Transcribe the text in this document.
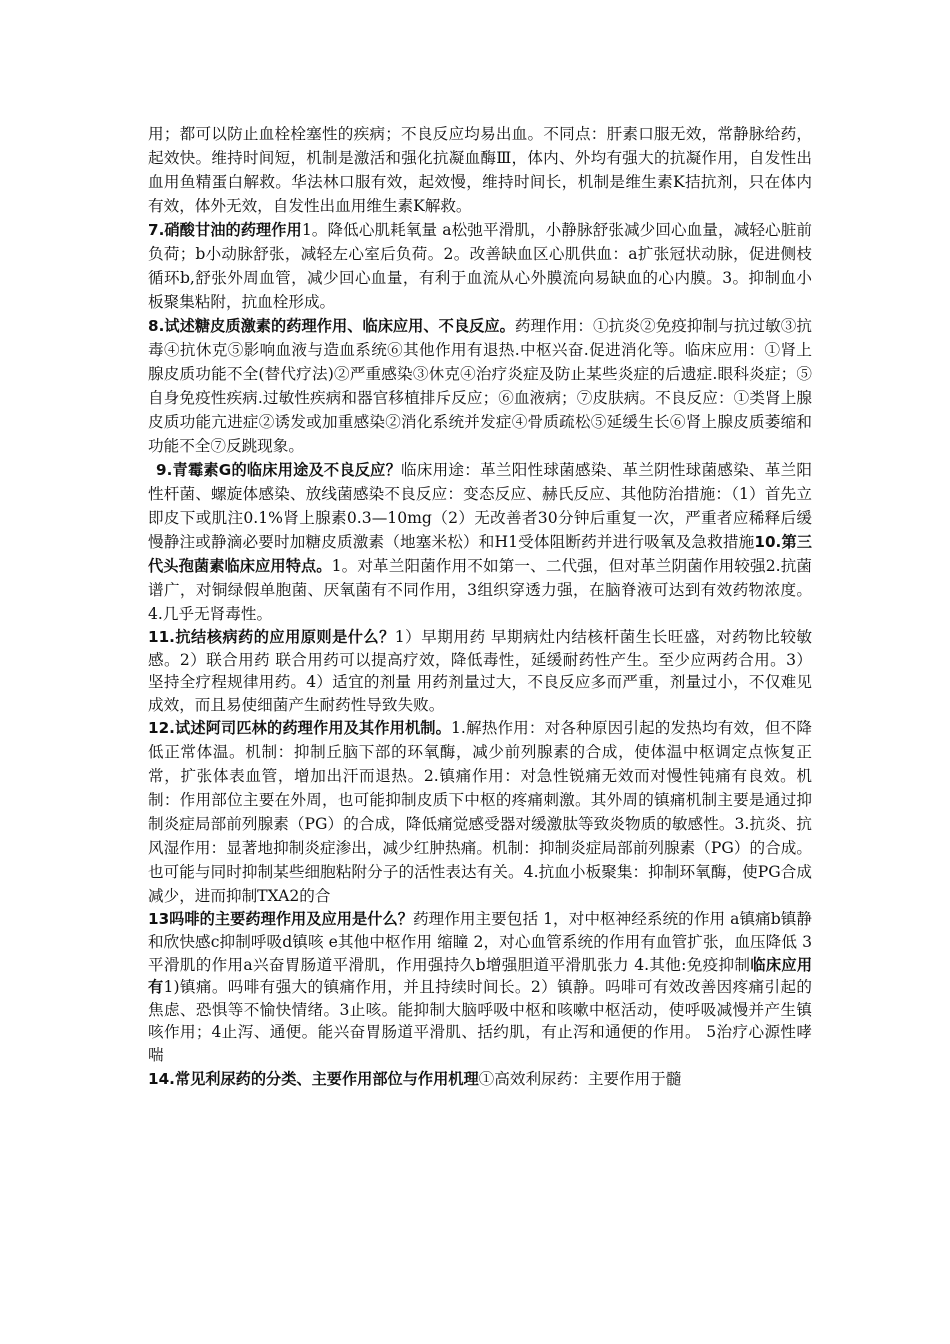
用；都可以防止血栓栓塞性的疾病；不良反应均易出血。不同点：肝素口服无效，常静脉给药，起效快。维持时间短，机制是激活和强化抗凝血酶Ⅲ，体内、外均有强大的抗凝作用，自发性出血用鱼精蛋白解救。华法林口服有效，起效慢，维持时间长，机制是维生素K拮抗剂，只在体内有效，体外无效，自发性出血用维生素K解救。

7.硝酸甘油的药理作用1。降低心肌耗氧量 a松弛平滑肌，小静脉舒张减少回心血量，减轻心脏前负荷；b小动脉舒张，减轻左心室后负荷。2。改善缺血区心肌供血：a扩张冠状动脉，促进侧枝循环b,舒张外周血管，减少回心血量，有利于血流从心外膜流向易缺血的心内膜。3。抑制血小板聚集粘附，抗血栓形成。

8.试述糖皮质激素的药理作用、临床应用、不良反应。药理作用：①抗炎②免疫抑制与抗过敏③抗毒④抗休克⑤影响血液与造血系统⑥其他作用有退热.中枢兴奋.促进消化等。临床应用：①肾上腺皮质功能不全(替代疗法)②严重感染③休克④治疗炎症及防止某些炎症的后遗症.眼科炎症；⑤自身免疫性疾病.过敏性疾病和器官移植排斥反应；⑥血液病；⑦皮肤病。不良反应：①类肾上腺皮质功能亢进症②诱发或加重感染②消化系统并发症④骨质疏松⑤延缓生长⑥肾上腺皮质萎缩和功能不全⑦反跳现象。

9.青霉素G的临床用途及不良反应？临床用途：革兰阳性球菌感染、革兰阴性球菌感染、革兰阳性杆菌、螺旋体感染、放线菌感染不良反应：变态反应、赫氏反应、其他防治措施：（1）首先立即皮下或肌注0.1%肾上腺素0.3—10mg（2）无改善者30分钟后重复一次，严重者应稀释后缓慢静注或静滴必要时加糖皮质激素（地塞米松）和H1受体阻断药并进行吸氧及急救措施10.第三代头孢菌素临床应用特点。1。对革兰阳菌作用不如第一、二代强，但对革兰阴菌作用较强2.抗菌谱广，对铜绿假单胞菌、厌氧菌有不同作用，3组织穿透力强，在脑脊液可达到有效药物浓度。4.几乎无肾毒性。

11.抗结核病药的应用原则是什么？1）早期用药 早期病灶内结核杆菌生长旺盛，对药物比较敏感。2）联合用药 联合用药可以提高疗效，降低毒性，延缓耐药性产生。至少应两药合用。3）坚持全疗程规律用药。4）适宜的剂量 用药剂量过大，不良反应多而严重，剂量过小，不仅难见成效，而且易使细菌产生耐药性导致失败。

12.试述阿司匹林的药理作用及其作用机制。1.解热作用：对各种原因引起的发热均有效，但不降低正常体温。机制：抑制丘脑下部的环氧酶，减少前列腺素的合成，使体温中枢调定点恢复正常，扩张体表血管，增加出汗而退热。2.镇痛作用：对急性锐痛无效而对慢性钝痛有良效。机制：作用部位主要在外周，也可能抑制皮质下中枢的疼痛刺激。其外周的镇痛机制主要是通过抑制炎症局部前列腺素（PG）的合成，降低痛觉感受器对缓激肽等致炎物质的敏感性。3.抗炎、抗风湿作用：显著地抑制炎症渗出，减少红肿热痛。机制：抑制炎症局部前列腺素（PG）的合成。也可能与同时抑制某些细胞粘附分子的活性表达有关。4.抗血小板聚集：抑制环氧酶，使PG合成减少，进而抑制TXA2的合

13吗啡的主要药理作用及应用是什么？药理作用主要包括 1，对中枢神经系统的作用 a镇痛b镇静和欣快感c抑制呼吸d镇咳 e其他中枢作用 缩瞳 2，对心血管系统的作用有血管扩张，血压降低 3平滑肌的作用a兴奋胃肠道平滑肌，作用强持久b增强胆道平滑肌张力 4.其他:免疫抑制临床应用有1)镇痛。吗啡有强大的镇痛作用，并且持续时间长。2）镇静。吗啡可有效改善因疼痛引起的焦虑、恐惧等不愉快情绪。3止咳。能抑制大脑呼吸中枢和咳嗽中枢活动，使呼吸减慢并产生镇咳作用；4止泻、通便。能兴奋胃肠道平滑肌、括约肌，有止泻和通便的作用。 5治疗心源性哮喘

14.常见利尿药的分类、主要作用部位与作用机理①高效利尿药：主要作用于髓
